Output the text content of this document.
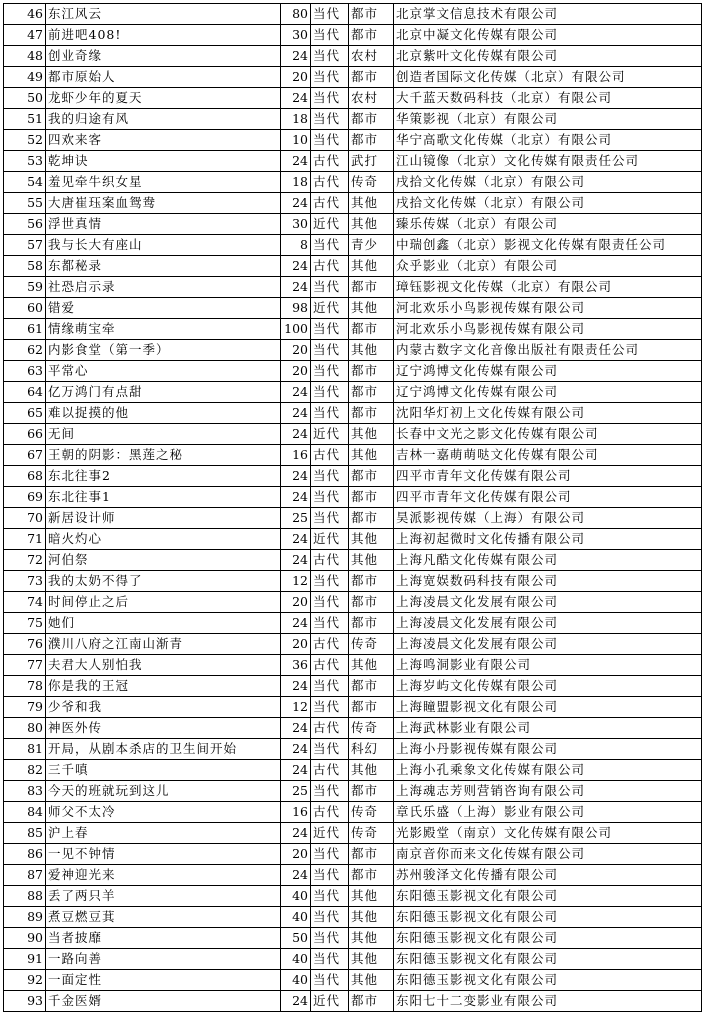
46	东江风云	80	当代	都市	北京掌文信息技术有限公司
47	前进吧408!	30	当代	都市	北京中凝文化传媒有限公司
48	创业奇缘	24	当代	农村	北京紫叶文化传媒有限公司
49	都市原始人	20	当代	都市	创造者国际文化传媒（北京）有限公司
50	龙虾少年的夏天	24	当代	农村	大千蓝天数码科技（北京）有限公司
51	我的归途有风	18	当代	都市	华策影视（北京）有限公司
52	四欢来客	10	当代	都市	华宁高歌文化传媒（北京）有限公司
53	乾坤诀	24	古代	武打	江山镜像（北京）文化传媒有限责任公司
54	羞见牵牛织女星	18	古代	传奇	戌拾文化传媒（北京）有限公司
55	大唐崔珏案血鸳鸯	24	古代	其他	戌拾文化传媒（北京）有限公司
56	浮世真情	30	近代	其他	臻乐传媒（北京）有限公司
57	我与长大有座山	8	当代	青少	中瑞创鑫（北京）影视文化传媒有限责任公司
58	东都秘录	24	古代	其他	众乎影业（北京）有限公司
59	社恐启示录	24	当代	都市	璋钰影视文化传媒（北京）有限公司
60	错爱	98	近代	其他	河北欢乐小鸟影视传媒有限公司
61	情缘萌宝牵	100	当代	都市	河北欢乐小鸟影视传媒有限公司
62	内影食堂（第一季）	20	当代	其他	内蒙古数字文化音像出版社有限责任公司
63	平常心	20	当代	都市	辽宁鸿博文化传媒有限公司
64	亿万鸿门有点甜	24	当代	都市	辽宁鸿博文化传媒有限公司
65	难以捉摸的他	24	当代	都市	沈阳华灯初上文化传媒有限公司
66	无间	24	近代	其他	长春中文光之影文化传媒有限公司
67	王朝的阴影：黑莲之秘	16	古代	其他	吉林一嘉萌萌哒文化传媒有限公司
68	东北往事2	24	当代	都市	四平市青年文化传媒有限公司
69	东北往事1	24	当代	都市	四平市青年文化传媒有限公司
70	新居设计师	25	当代	都市	昊派影视传媒（上海）有限公司
71	暗火灼心	24	近代	其他	上海初起微时文化传播有限公司
72	河伯祭	24	古代	其他	上海凡酷文化传媒有限公司
73	我的太奶不得了	12	当代	都市	上海宽娱数码科技有限公司
74	时间停止之后	20	当代	都市	上海凌晨文化发展有限公司
75	她们	24	当代	都市	上海凌晨文化发展有限公司
76	濮川八府之江南山渐青	20	古代	传奇	上海凌晨文化发展有限公司
77	夫君大人别怕我	36	古代	其他	上海鸣洞影业有限公司
78	你是我的王冠	24	当代	都市	上海岁屿文化传媒有限公司
79	少爷和我	12	当代	都市	上海瞳盟影视文化有限公司
80	神医外传	24	古代	传奇	上海武林影业有限公司
81	开局，从剧本杀店的卫生间开始	24	当代	科幻	上海小丹影视传媒有限公司
82	三千嗔	24	古代	其他	上海小孔乘象文化传媒有限公司
83	今天的班就玩到这儿	25	当代	都市	上海魂志芳则营销咨询有限公司
84	师父不太冷	16	古代	传奇	章氏乐盛（上海）影业有限公司
85	沪上春	24	近代	传奇	光影殿堂（南京）文化传媒有限公司
86	一见不钟情	20	当代	都市	南京音你而来文化传媒有限公司
87	爱神迎光来	24	当代	都市	苏州骏泽文化传播有限公司
88	丢了两只羊	40	当代	其他	东阳德玉影视文化有限公司
89	煮豆燃豆萁	40	当代	其他	东阳德玉影视文化有限公司
90	当者披靡	50	当代	其他	东阳德玉影视文化有限公司
91	一路向善	40	当代	其他	东阳德玉影视文化有限公司
92	一面定性	40	当代	其他	东阳德玉影视文化有限公司
93	千金医婿	24	近代	都市	东阳七十二变影业有限公司
